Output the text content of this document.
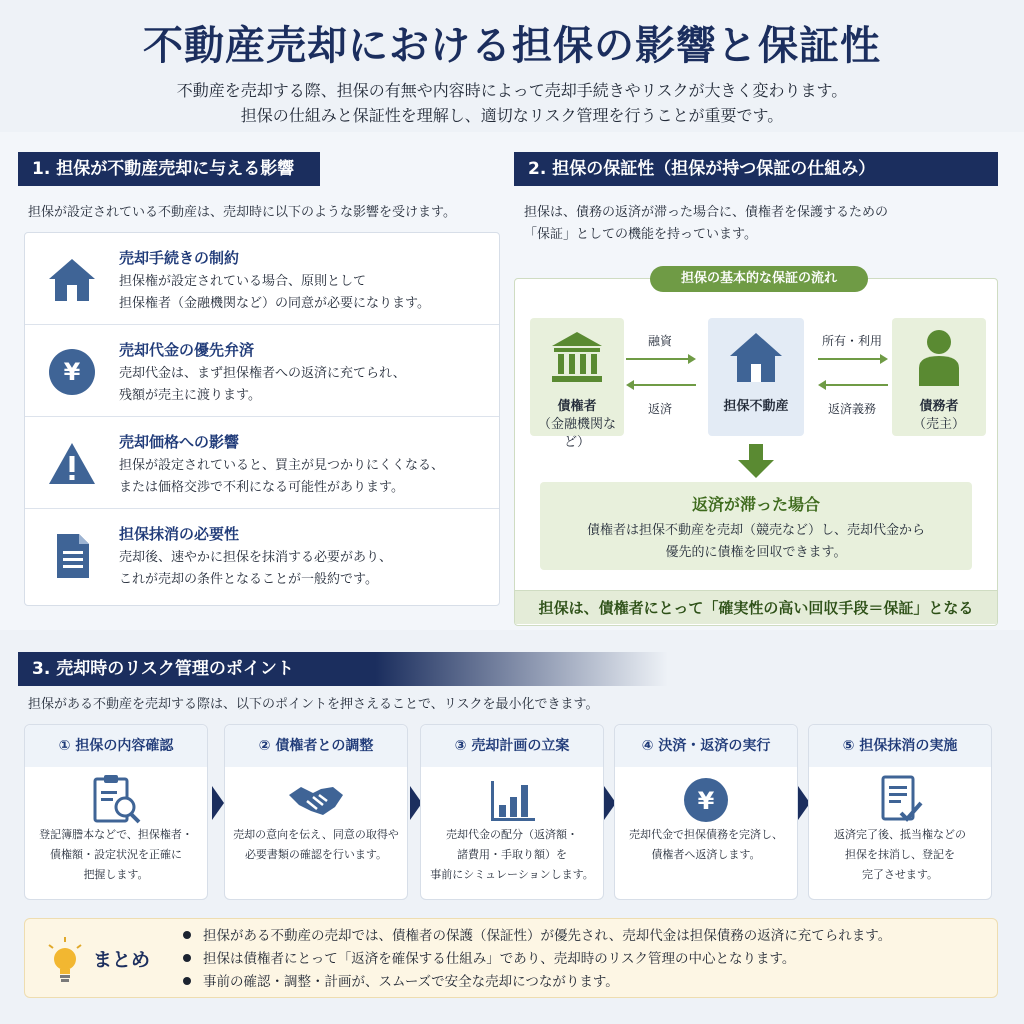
不動産売却における担保の影響と保証性
不動産を売却する際、担保の有無や内容時によって売却手続きやリスクが大きく変わります。
担保の仕組みと保証性を理解し、適切なリスク管理を行うことが重要です。
1. 担保が不動産売却に与える影響
担保が設定されている不動産は、売却時に以下のような影響を受けます。
売却手続きの制約
担保権が設定されている場合、原則として
担保権者（金融機関など）の同意が必要になります。
¥
売却代金の優先弁済
売却代金は、まず担保権者への返済に充てられ、
残額が売主に渡ります。
売却価格への影響
担保が設定されていると、買主が見つかりにくくなる、
または価格交渉で不利になる可能性があります。
担保抹消の必要性
売却後、速やかに担保を抹消する必要があり、
これが売却の条件となることが一般約です。
2. 担保の保証性（担保が持つ保証の仕組み）
担保は、債務の返済が滞った場合に、債権者を保護するための
「保証」としての機能を持っています。
担保の基本的な保証の流れ
債権者
（金融機関など）
融資
返済	担保不動産
所有・利用
返済義務	債務者
（売主）
返済が滞った場合
債権者は担保不動産を売却（競売など）し、売却代金から
優先的に債権を回収できます。
担保は、債権者にとって「確実性の高い回収手段＝保証」となる
3. 売却時のリスク管理のポイント
担保がある不動産を売却する際は、以下のポイントを押さえることで、リスクを最小化できます。
① 担保の内容確認
登記簿謄本などで、担保権者・
債権額・設定状況を正確に
把握します。
② 債権者との調整
売却の意向を伝え、同意の取得や
必要書類の確認を行います。
③ 売却計画の立案
売却代金の配分（返済額・
諸費用・手取り額）を
事前にシミュレーションします。
④ 決済・返済の実行
¥
売却代金で担保債務を完済し、
債権者へ返済します。
⑤ 担保抹消の実施
返済完了後、抵当権などの
担保を抹消し、登記を
完了させます。
まとめ
担保がある不動産の売却では、債権者の保護（保証性）が優先され、売却代金は担保債務の返済に充てられます。
担保は債権者にとって「返済を確保する仕組み」であり、売却時のリスク管理の中心となります。
事前の確認・調整・計画が、スムーズで安全な売却につながります。
